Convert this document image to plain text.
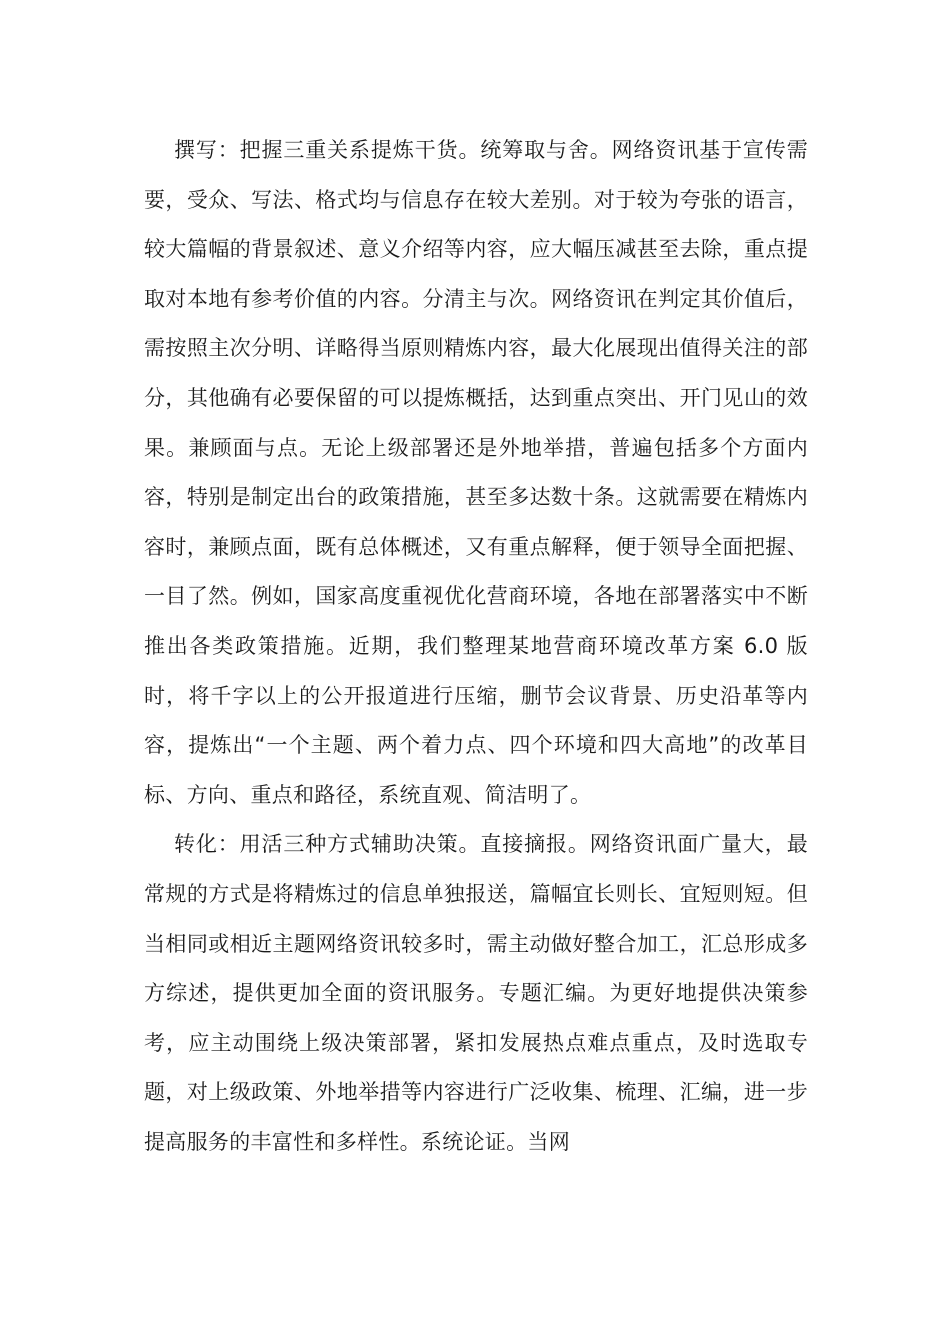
撰写：把握三重关系提炼干货。统筹取与舍。网络资讯基于宣传需要，受众、写法、格式均与信息存在较大差别。对于较为夸张的语言，较大篇幅的背景叙述、意义介绍等内容，应大幅压减甚至去除，重点提取对本地有参考价值的内容。分清主与次。网络资讯在判定其价值后，需按照主次分明、详略得当原则精炼内容，最大化展现出值得关注的部分，其他确有必要保留的可以提炼概括，达到重点突出、开门见山的效果。兼顾面与点。无论上级部署还是外地举措，普遍包括多个方面内容，特别是制定出台的政策措施，甚至多达数十条。这就需要在精炼内容时，兼顾点面，既有总体概述，又有重点解释，便于领导全面把握、一目了然。例如，国家高度重视优化营商环境，各地在部署落实中不断推出各类政策措施。近期，我们整理某地营商环境改革方案 6.0 版时，将千字以上的公开报道进行压缩，删节会议背景、历史沿革等内容，提炼出“一个主题、两个着力点、四个环境和四大高地”的改革目标、方向、重点和路径，系统直观、简洁明了。

转化：用活三种方式辅助决策。直接摘报。网络资讯面广量大，最常规的方式是将精炼过的信息单独报送，篇幅宜长则长、宜短则短。但当相同或相近主题网络资讯较多时，需主动做好整合加工，汇总形成多方综述，提供更加全面的资讯服务。专题汇编。为更好地提供决策参考，应主动围绕上级决策部署，紧扣发展热点难点重点，及时选取专题，对上级政策、外地举措等内容进行广泛收集、梳理、汇编，进一步提高服务的丰富性和多样性。系统论证。当网
